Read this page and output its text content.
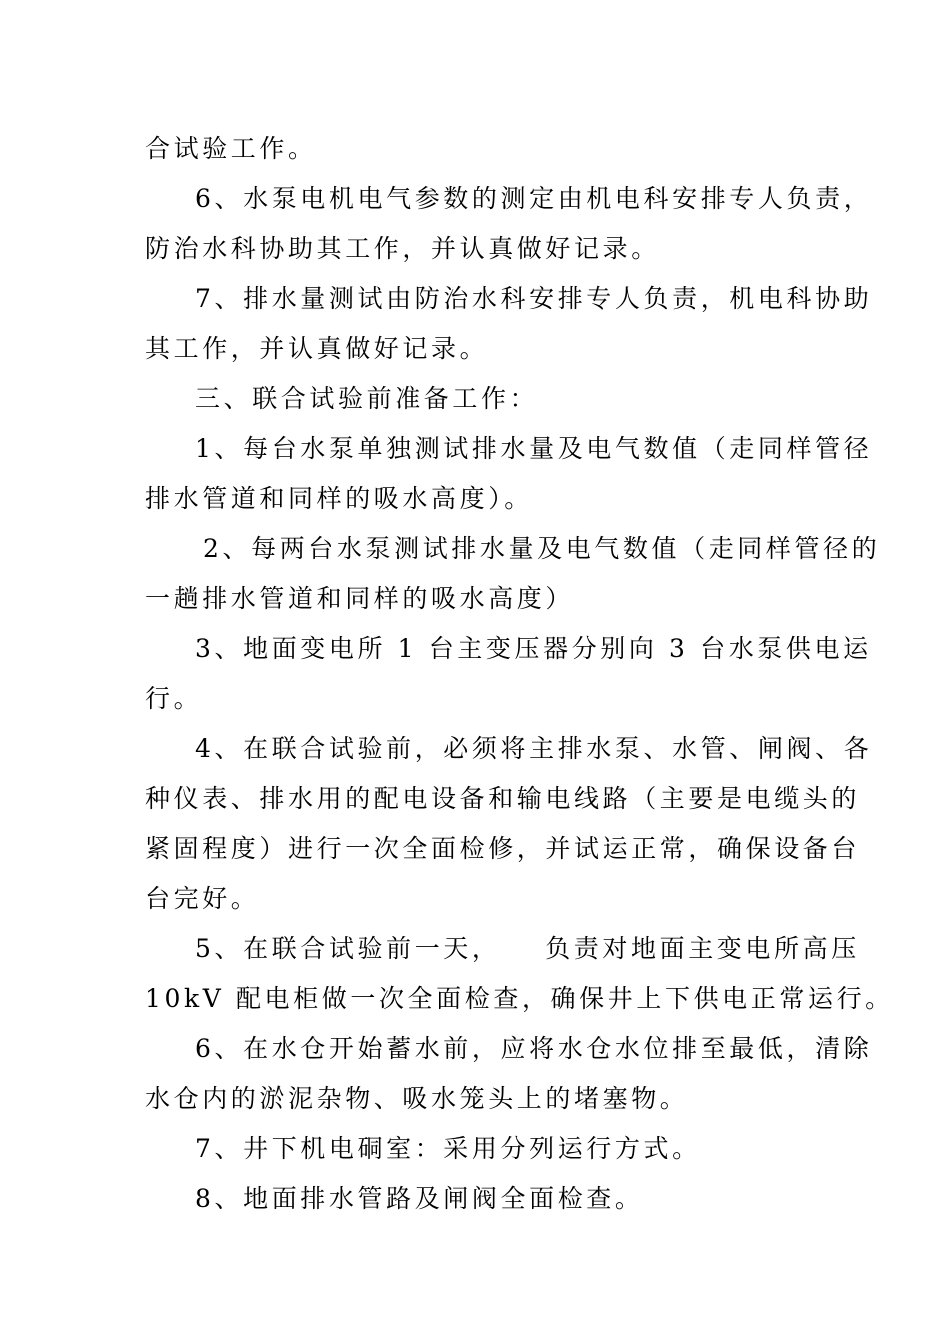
合试验工作。
6、水泵电机电气参数的测定由机电科安排专人负责，
防治水科协助其工作，并认真做好记录。
7、排水量测试由防治水科安排专人负责，机电科协助
其工作，并认真做好记录。
三、联合试验前准备工作：
1、每台水泵单独测试排水量及电气数值（走同样管径
排水管道和同样的吸水高度）。
2、每两台水泵测试排水量及电气数值（走同样管径的
一趟排水管道和同样的吸水高度）
3、地面变电所 1 台主变压器分别向 3 台水泵供电运
行。
4、在联合试验前，必须将主排水泵、水管、闸阀、各
种仪表、排水用的配电设备和输电线路（主要是电缆头的
紧固程度）进行一次全面检修，并试运正常，确保设备台
台完好。
5、在联合试验前一天，　　负责对地面主变电所高压
10kV 配电柜做一次全面检查，确保井上下供电正常运行。
6、在水仓开始蓄水前，应将水仓水位排至最低，清除
水仓内的淤泥杂物、吸水笼头上的堵塞物。
7、井下机电硐室：采用分列运行方式。
8、地面排水管路及闸阀全面检查。
